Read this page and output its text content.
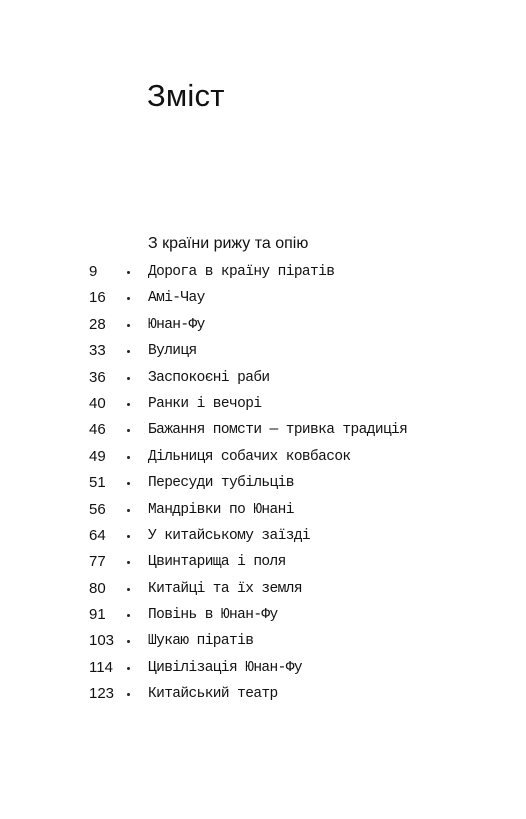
Зміст
З країни рижу та опію
9	Дорога в країну піратів
16	Амі-Чау
28	Юнан-Фу
33	Вулиця
36	Заспокоєні раби
40	Ранки і вечорі
46	Бажання помсти — тривка традиція
49	Дільниця собачих ковбасок
51	Пересуди тубільців
56	Мандрівки по Юнані
64	У китайському заїзді
77	Цвинтарища і поля
80	Китайці та їх земля
91	Повінь в Юнан-Фу
103 Шукаю піратів
114 Цивілізація Юнан-Фу
123 Китайський театр
